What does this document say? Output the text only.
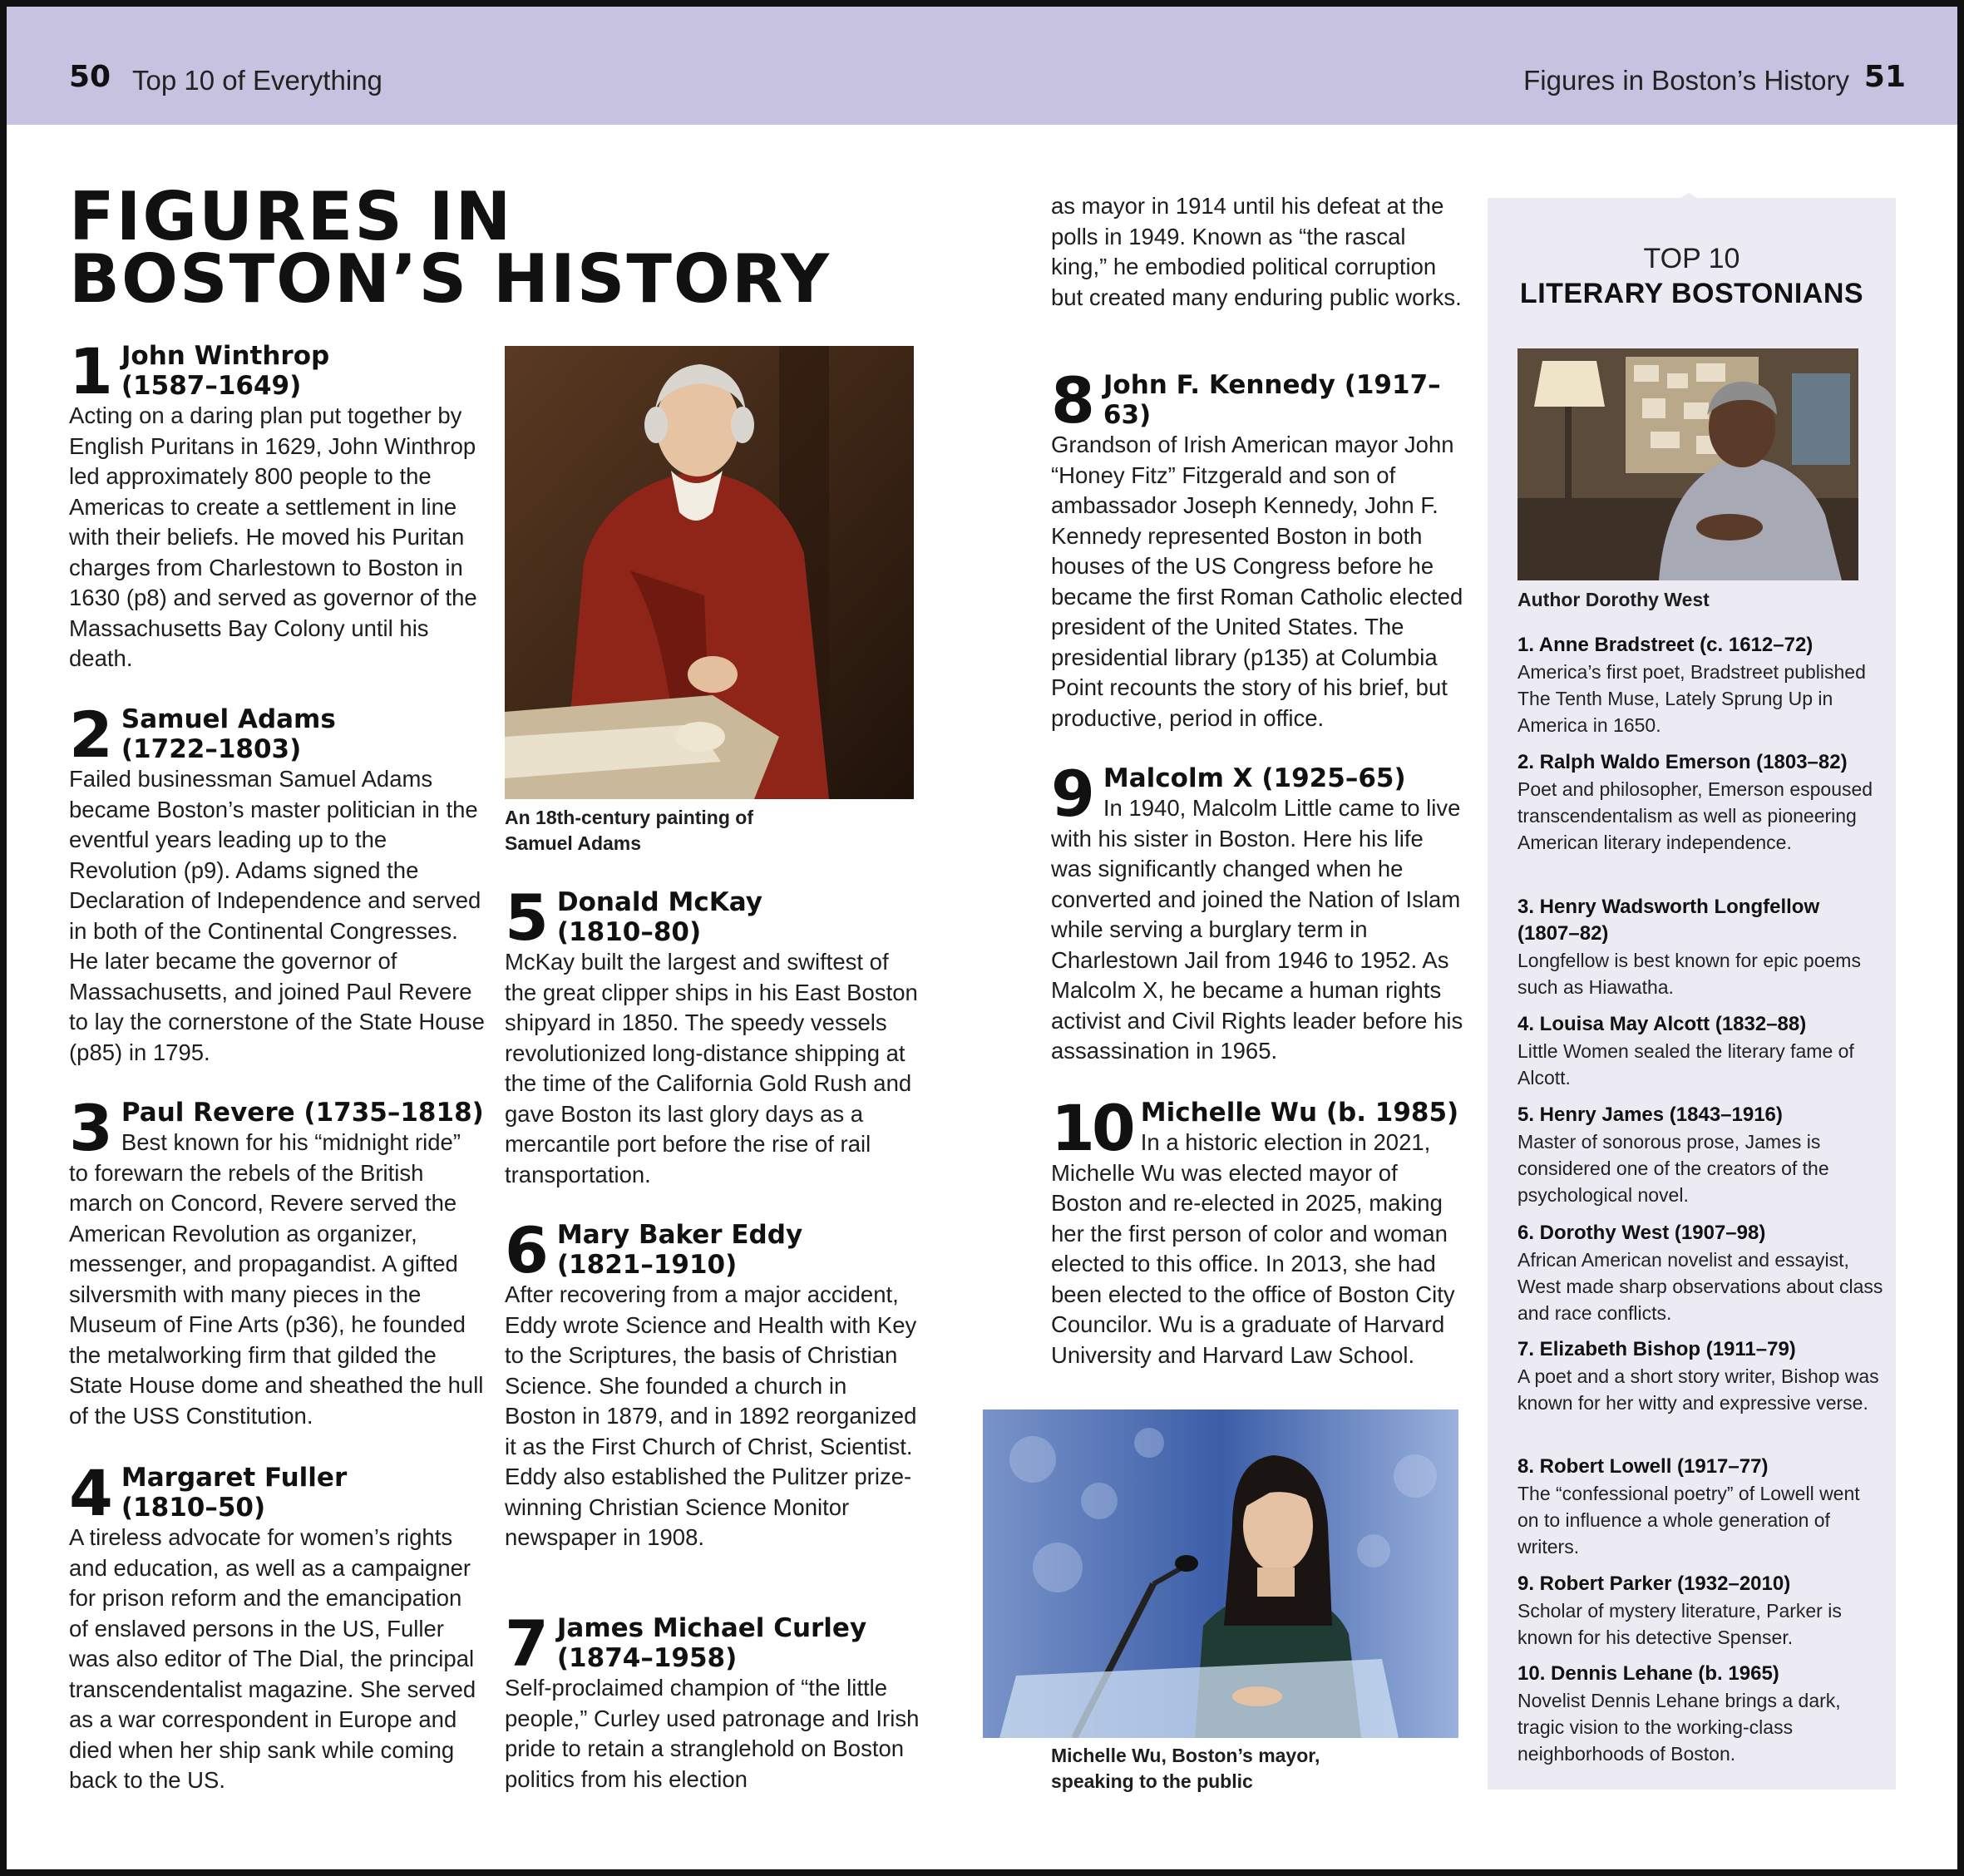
50 Top 10 of Everything	Figures in Boston’s History 51
FIGURES IN
BOSTON’S HISTORY
1 John Winthrop
(1587–1649)
Acting on a daring plan put together by English Puritans in 1629, John Winthrop led approximately 800 people to the Americas to create a settlement in line with their beliefs. He moved his Puritan charges from Charlestown to Boston in 1630 (p8) and served as governor of the Massachusetts Bay Colony until his death.
2 Samuel Adams
(1722–1803)
Failed businessman Samuel Adams became Boston’s master politician in the eventful years leading up to the Revolution (p9). Adams signed the Declaration of Independence and served in both of the Continental Congresses. He later became the governor of Massachusetts, and joined Paul Revere to lay the cornerstone of the State House (p85) in 1795.
3 Paul Revere (1735–1818)
Best known for his “midnight ride” to forewarn the rebels of the British march on Concord, Revere served the American Revolution as organizer, messenger, and propagandist. A gifted silversmith with many pieces in the Museum of Fine Arts (p36), he founded the metalworking firm that gilded the State House dome and sheathed the hull of the USS Constitution.
4 Margaret Fuller
(1810–50)
A tireless advocate for women’s rights and education, as well as a campaigner for prison reform and the emancipation of enslaved persons in the US, Fuller was also editor of The Dial, the principal transcendentalist magazine. She served as a war correspondent in Europe and died when her ship sank while coming back to the US.
An 18th-century painting of Samuel Adams
5 Donald McKay
(1810–80)
McKay built the largest and swiftest of the great clipper ships in his East Boston shipyard in 1850. The speedy vessels revolutionized long-distance shipping at the time of the California Gold Rush and gave Boston its last glory days as a mercantile port before the rise of rail transportation.
6 Mary Baker Eddy
(1821–1910)
After recovering from a major accident, Eddy wrote Science and Health with Key to the Scriptures, the basis of Christian Science. She founded a church in Boston in 1879, and in 1892 reorganized it as the First Church of Christ, Scientist. Eddy also established the Pulitzer prize-winning Christian Science Monitor newspaper in 1908.
7 James Michael Curley
(1874–1958)
Self-proclaimed champion of “the little people,” Curley used patronage and Irish pride to retain a stranglehold on Boston politics from his election
as mayor in 1914 until his defeat at the polls in 1949. Known as “the rascal king,” he embodied political corruption but created many enduring public works.
8 John F. Kennedy (1917–63)
Grandson of Irish American mayor John “Honey Fitz” Fitzgerald and son of ambassador Joseph Kennedy, John F. Kennedy represented Boston in both houses of the US Congress before he became the first Roman Catholic elected president of the United States. The presidential library (p135) at Columbia Point recounts the story of his brief, but productive, period in office.
9 Malcolm X (1925–65)
In 1940, Malcolm Little came to live with his sister in Boston. Here his life was significantly changed when he converted and joined the Nation of Islam while serving a burglary term in Charlestown Jail from 1946 to 1952. As Malcolm X, he became a human rights activist and Civil Rights leader before his assassination in 1965.
10 Michelle Wu (b. 1985)
In a historic election in 2021, Michelle Wu was elected mayor of Boston and re-elected in 2025, making her the first person of color and woman elected to this office. In 2013, she had been elected to the office of Boston City Councilor. Wu is a graduate of Harvard University and Harvard Law School.
Michelle Wu, Boston’s mayor, speaking to the public
TOP 10
LITERARY BOSTONIANS
Author Dorothy West
1. Anne Bradstreet (c. 1612–72)
America’s first poet, Bradstreet published The Tenth Muse, Lately Sprung Up in America in 1650.
2. Ralph Waldo Emerson (1803–82)
Poet and philosopher, Emerson espoused transcendentalism as well as pioneering American literary independence.
3. Henry Wadsworth Longfellow (1807–82)
Longfellow is best known for epic poems such as Hiawatha.
4. Louisa May Alcott (1832–88)
Little Women sealed the literary fame of Alcott.
5. Henry James (1843–1916)
Master of sonorous prose, James is considered one of the creators of the psychological novel.
6. Dorothy West (1907–98)
African American novelist and essayist, West made sharp observations about class and race conflicts.
7. Elizabeth Bishop (1911–79)
A poet and a short story writer, Bishop was known for her witty and expressive verse.
8. Robert Lowell (1917–77)
The “confessional poetry” of Lowell went on to influence a whole generation of writers.
9. Robert Parker (1932–2010)
Scholar of mystery literature, Parker is known for his detective Spenser.
10. Dennis Lehane (b. 1965)
Novelist Dennis Lehane brings a dark, tragic vision to the working-class neighborhoods of Boston.
